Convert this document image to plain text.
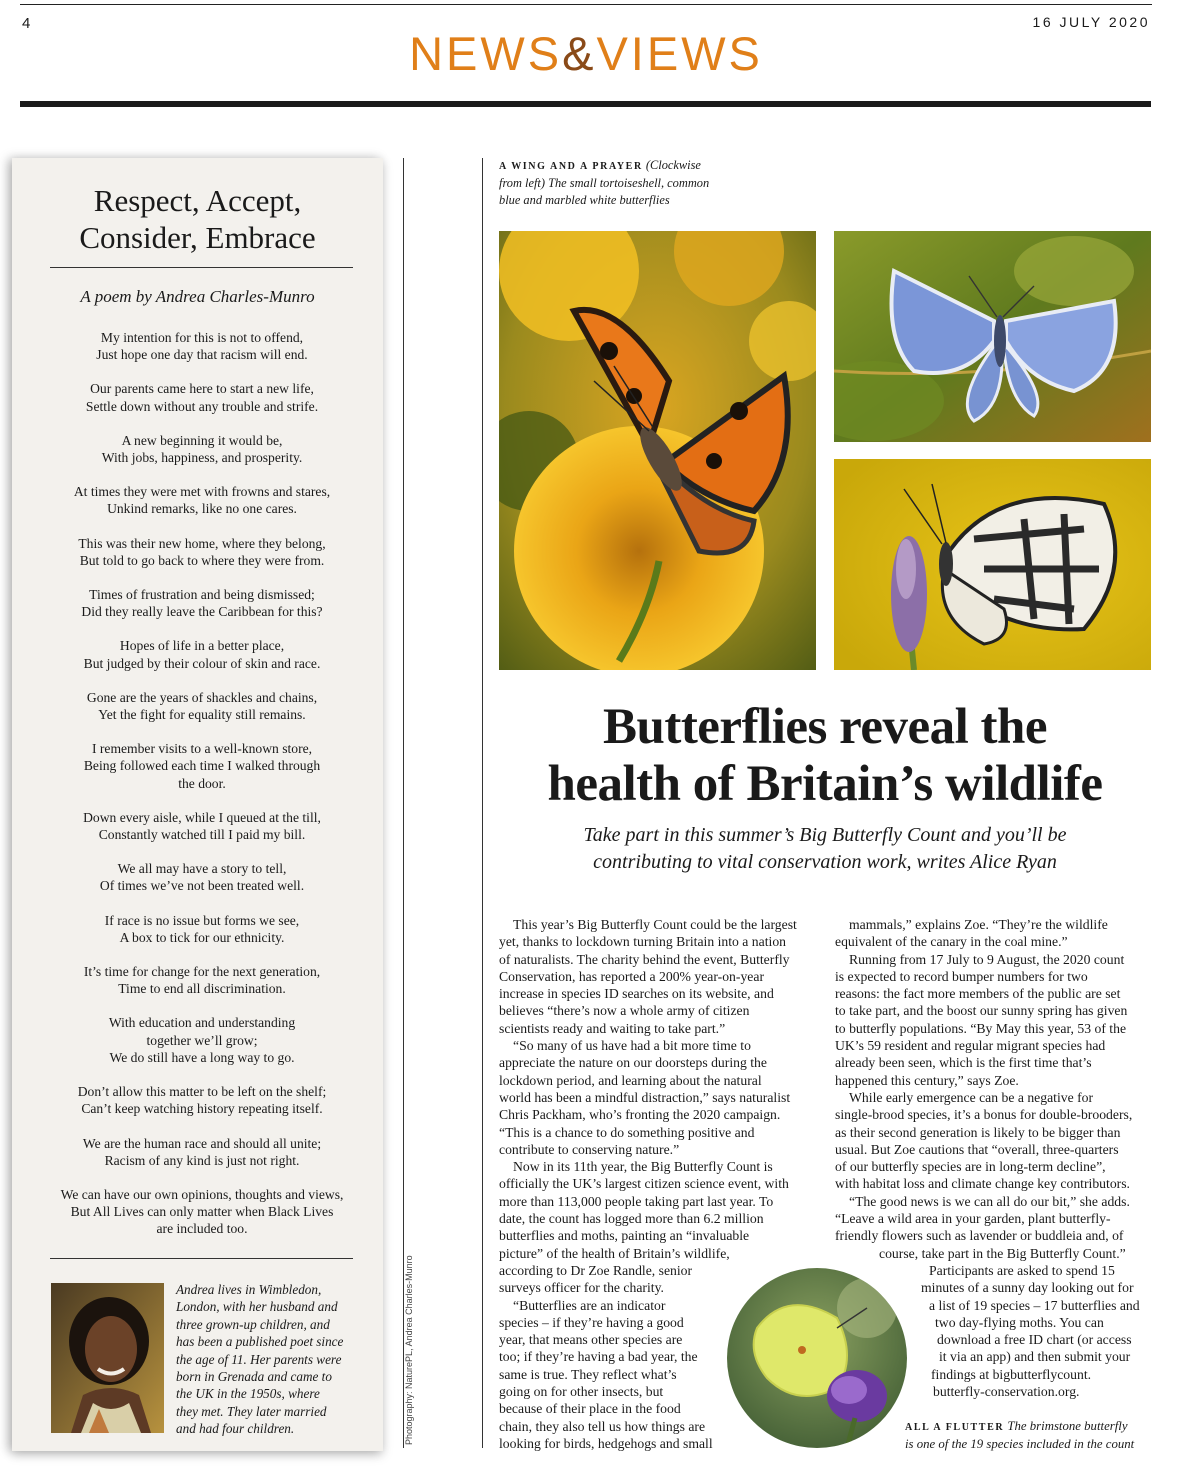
4	16 JULY 2020
NEWS&VIEWS
Respect, Accept,
Consider, Embrace
A poem by Andrea Charles-Munro
My intention for this is not to offend,
Just hope one day that racism will end.
Our parents came here to start a new life,
Settle down without any trouble and strife.
A new beginning it would be,
With jobs, happiness, and prosperity.
At times they were met with frowns and stares,
Unkind remarks, like no one cares.
This was their new home, where they belong,
But told to go back to where they were from.
Times of frustration and being dismissed;
Did they really leave the Caribbean for this?
Hopes of life in a better place,
But judged by their colour of skin and race.
Gone are the years of shackles and chains,
Yet the fight for equality still remains.
I remember visits to a well-known store,
Being followed each time I walked through
the door.
Down every aisle, while I queued at the till,
Constantly watched till I paid my bill.
We all may have a story to tell,
Of times we’ve not been treated well.
If race is no issue but forms we see,
A box to tick for our ethnicity.
It’s time for change for the next generation,
Time to end all discrimination.
With education and understanding
together we’ll grow;
We do still have a long way to go.
Don’t allow this matter to be left on the shelf;
Can’t keep watching history repeating itself.
We are the human race and should all unite;
Racism of any kind is just not right.
We can have our own opinions, thoughts and views,
But All Lives can only matter when Black Lives
are included too.
Andrea lives in Wimbledon,
London, with her husband and
three grown-up children, and
has been a published poet since
the age of 11. Her parents were
born in Grenada and came to
the UK in the 1950s, where
they met. They later married
and had four children.	Photography: NaturePL, Andrea Charles-Munro
A WING AND A PRAYER (Clockwise
from left) The small tortoiseshell, common
blue and marbled white butterflies
Butterflies reveal the
health of Britain’s wildlife
Take part in this summer’s Big Butterfly Count and you’ll be
contributing to vital conservation work, writes Alice Ryan
This year’s Big Butterfly Count could be the largest
yet, thanks to lockdown turning Britain into a nation
of naturalists. The charity behind the event, Butterfly
Conservation, has reported a 200% year-on-year
increase in species ID searches on its website, and
believes “there’s now a whole army of citizen
scientists ready and waiting to take part.”
“So many of us have had a bit more time to
appreciate the nature on our doorsteps during the
lockdown period, and learning about the natural
world has been a mindful distraction,” says naturalist
Chris Packham, who’s fronting the 2020 campaign.
“This is a chance to do something positive and
contribute to conserving nature.”
Now in its 11th year, the Big Butterfly Count is
officially the UK’s largest citizen science event, with
more than 113,000 people taking part last year. To
date, the count has logged more than 6.2 million
butterflies and moths, painting an “invaluable
picture” of the health of Britain’s wildlife,
according to Dr Zoe Randle, senior
surveys officer for the charity.
“Butterflies are an indicator
species – if they’re having a good
year, that means other species are
too; if they’re having a bad year, the
same is true. They reflect what’s
going on for other insects, but
because of their place in the food
chain, they also tell us how things are
looking for birds, hedgehogs and small
mammals,” explains Zoe. “They’re the wildlife
equivalent of the canary in the coal mine.”
Running from 17 July to 9 August, the 2020 count
is expected to record bumper numbers for two
reasons: the fact more members of the public are set
to take part, and the boost our sunny spring has given
to butterfly populations. “By May this year, 53 of the
UK’s 59 resident and regular migrant species had
already been seen, which is the first time that’s
happened this century,” says Zoe.
While early emergence can be a negative for
single-brood species, it’s a bonus for double-brooders,
as their second generation is likely to be bigger than
usual. But Zoe cautions that “overall, three-quarters
of our butterfly species are in long-term decline”,
with habitat loss and climate change key contributors.
“The good news is we can all do our bit,” she adds.
“Leave a wild area in your garden, plant butterfly-
friendly flowers such as lavender or buddleia and, of
course, take part in the Big Butterfly Count.”
Participants are asked to spend 15
minutes of a sunny day looking out for
a list of 19 species – 17 butterflies and
two day-flying moths. You can
download a free ID chart (or access
it via an app) and then submit your
findings at bigbutterflycount.
butterfly-conservation.org.
ALL A FLUTTER The brimstone butterfly
is one of the 19 species included in the count
